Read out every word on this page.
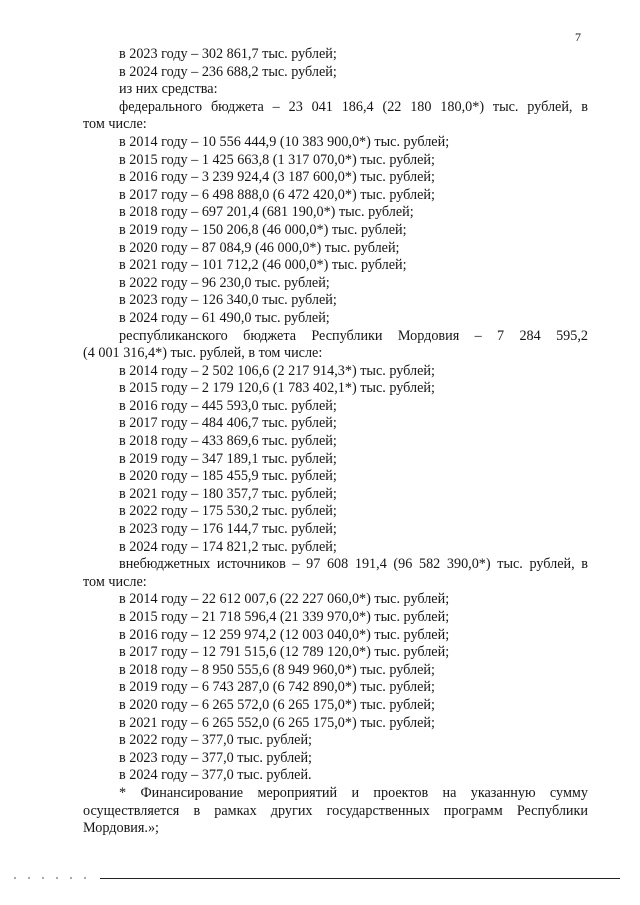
7
в 2023 году – 302 861,7 тыс. рублей;
в 2024 году – 236 688,2 тыс. рублей;
из них средства:
федерального бюджета – 23 041 186,4 (22 180 180,0*) тыс. рублей, в
том числе:
в 2014 году – 10 556 444,9 (10 383 900,0*) тыс. рублей;
в 2015 году – 1 425 663,8 (1 317 070,0*) тыс. рублей;
в 2016 году – 3 239 924,4 (3 187 600,0*) тыс. рублей;
в 2017 году – 6 498 888,0 (6 472 420,0*) тыс. рублей;
в 2018 году – 697 201,4 (681 190,0*) тыс. рублей;
в 2019 году – 150 206,8 (46 000,0*) тыс. рублей;
в 2020 году – 87 084,9 (46 000,0*) тыс. рублей;
в 2021 году – 101 712,2 (46 000,0*) тыс. рублей;
в 2022 году – 96 230,0 тыс. рублей;
в 2023 году – 126 340,0 тыс. рублей;
в 2024 году – 61 490,0 тыс. рублей;
республиканского бюджета Республики Мордовия – 7 284 595,2
(4 001 316,4*) тыс. рублей, в том числе:
в 2014 году – 2 502 106,6 (2 217 914,3*) тыс. рублей;
в 2015 году – 2 179 120,6 (1 783 402,1*) тыс. рублей;
в 2016 году – 445 593,0 тыс. рублей;
в 2017 году – 484 406,7 тыс. рублей;
в 2018 году – 433 869,6 тыс. рублей;
в 2019 году – 347 189,1 тыс. рублей;
в 2020 году – 185 455,9 тыс. рублей;
в 2021 году – 180 357,7 тыс. рублей;
в 2022 году – 175 530,2 тыс. рублей;
в 2023 году – 176 144,7 тыс. рублей;
в 2024 году – 174 821,2 тыс. рублей;
внебюджетных источников – 97 608 191,4 (96 582 390,0*) тыс. рублей, в
том числе:
в 2014 году – 22 612 007,6 (22 227 060,0*) тыс. рублей;
в 2015 году – 21 718 596,4 (21 339 970,0*) тыс. рублей;
в 2016 году – 12 259 974,2 (12 003 040,0*) тыс. рублей;
в 2017 году – 12 791 515,6 (12 789 120,0*) тыс. рублей;
в 2018 году – 8 950 555,6 (8 949 960,0*) тыс. рублей;
в 2019 году – 6 743 287,0 (6 742 890,0*) тыс. рублей;
в 2020 году – 6 265 572,0 (6 265 175,0*) тыс. рублей;
в 2021 году – 6 265 552,0 (6 265 175,0*) тыс. рублей;
в 2022 году – 377,0 тыс. рублей;
в 2023 году – 377,0 тыс. рублей;
в 2024 году – 377,0 тыс. рублей.
* Финансирование мероприятий и проектов на указанную сумму
осуществляется в рамках других государственных программ Республики
Мордовия.»;
